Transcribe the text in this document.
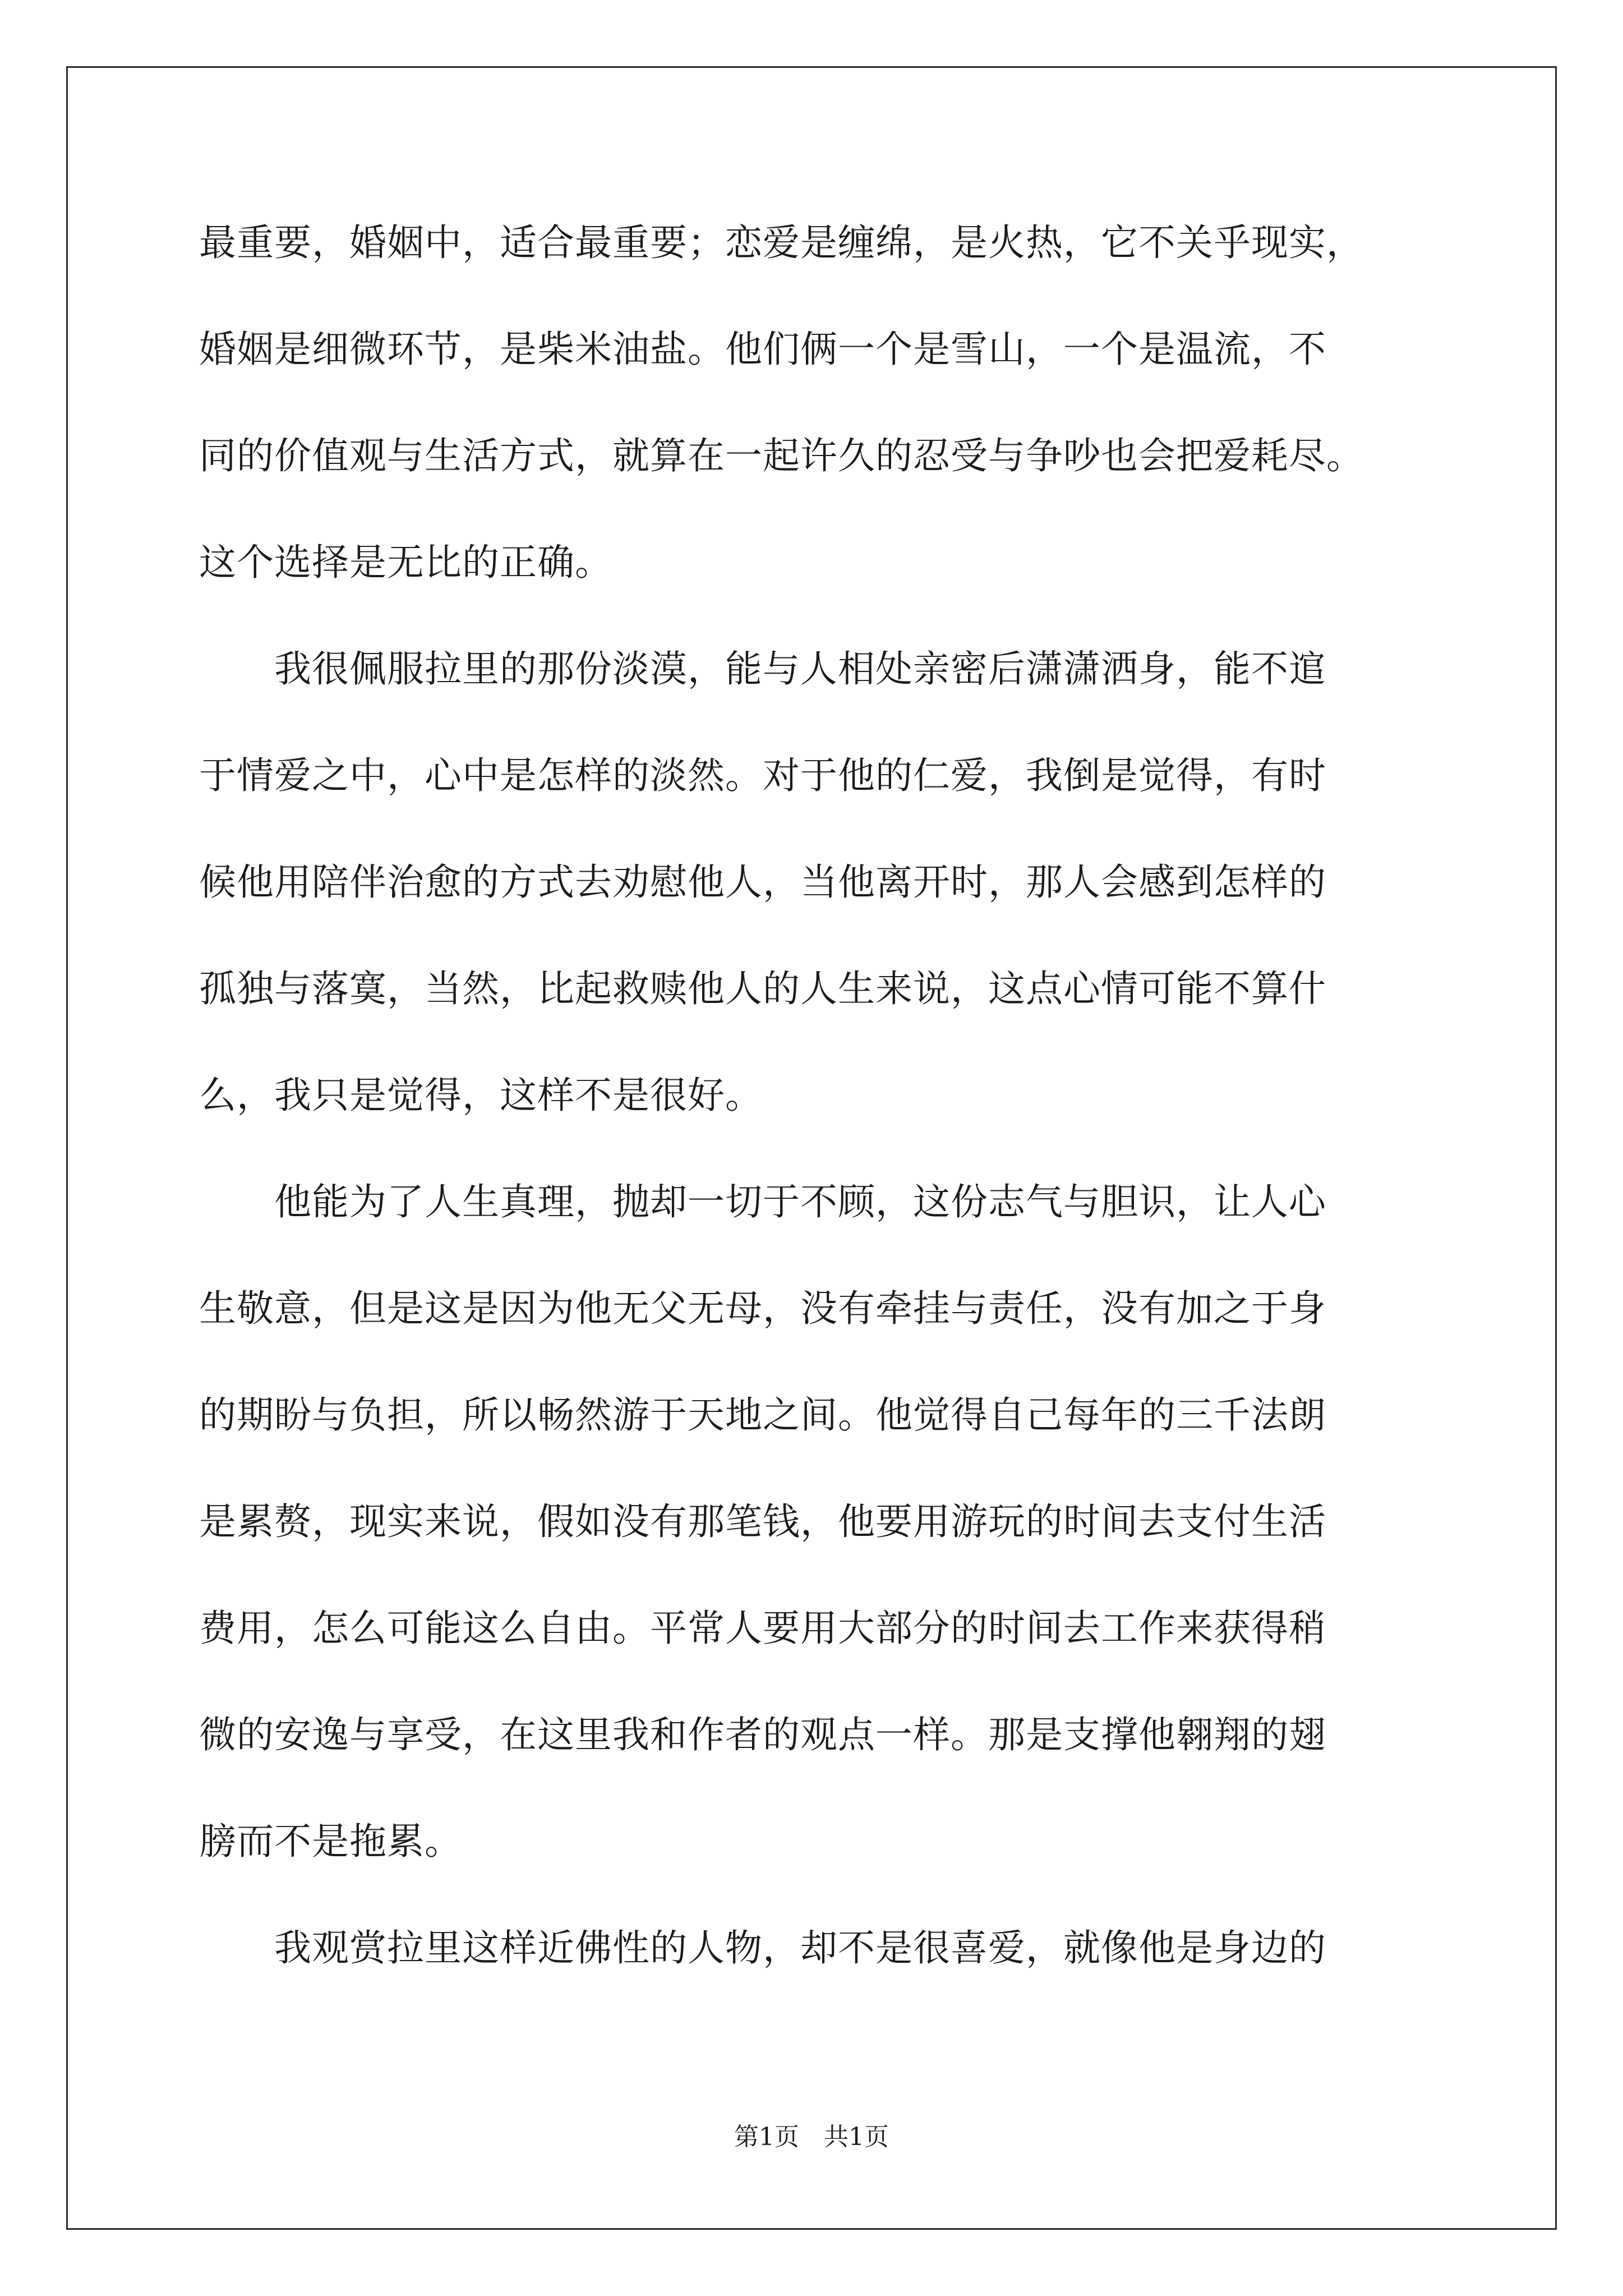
最重要，婚姻中，适合最重要；恋爱是缠绵，是火热，它不关乎现实，
婚姻是细微环节，是柴米油盐。他们俩一个是雪山，一个是温流，不
同的价值观与生活方式，就算在一起许久的忍受与争吵也会把爱耗尽。
这个选择是无比的正确。
　　我很佩服拉里的那份淡漠，能与人相处亲密后潇潇洒身，能不逭
于情爱之中，心中是怎样的淡然。对于他的仁爱，我倒是觉得，有时
候他用陪伴治愈的方式去劝慰他人，当他离开时，那人会感到怎样的
孤独与落寞，当然，比起救赎他人的人生来说，这点心情可能不算什
么，我只是觉得，这样不是很好。
　　他能为了人生真理，抛却一切于不顾，这份志气与胆识，让人心
生敬意，但是这是因为他无父无母，没有牵挂与责任，没有加之于身
的期盼与负担，所以畅然游于天地之间。他觉得自己每年的三千法朗
是累赘，现实来说，假如没有那笔钱，他要用游玩的时间去支付生活
费用，怎么可能这么自由。平常人要用大部分的时间去工作来获得稍
微的安逸与享受，在这里我和作者的观点一样。那是支撑他翱翔的翅
膀而不是拖累。
　　我观赏拉里这样近佛性的人物，却不是很喜爱，就像他是身边的
第1页　共1页
